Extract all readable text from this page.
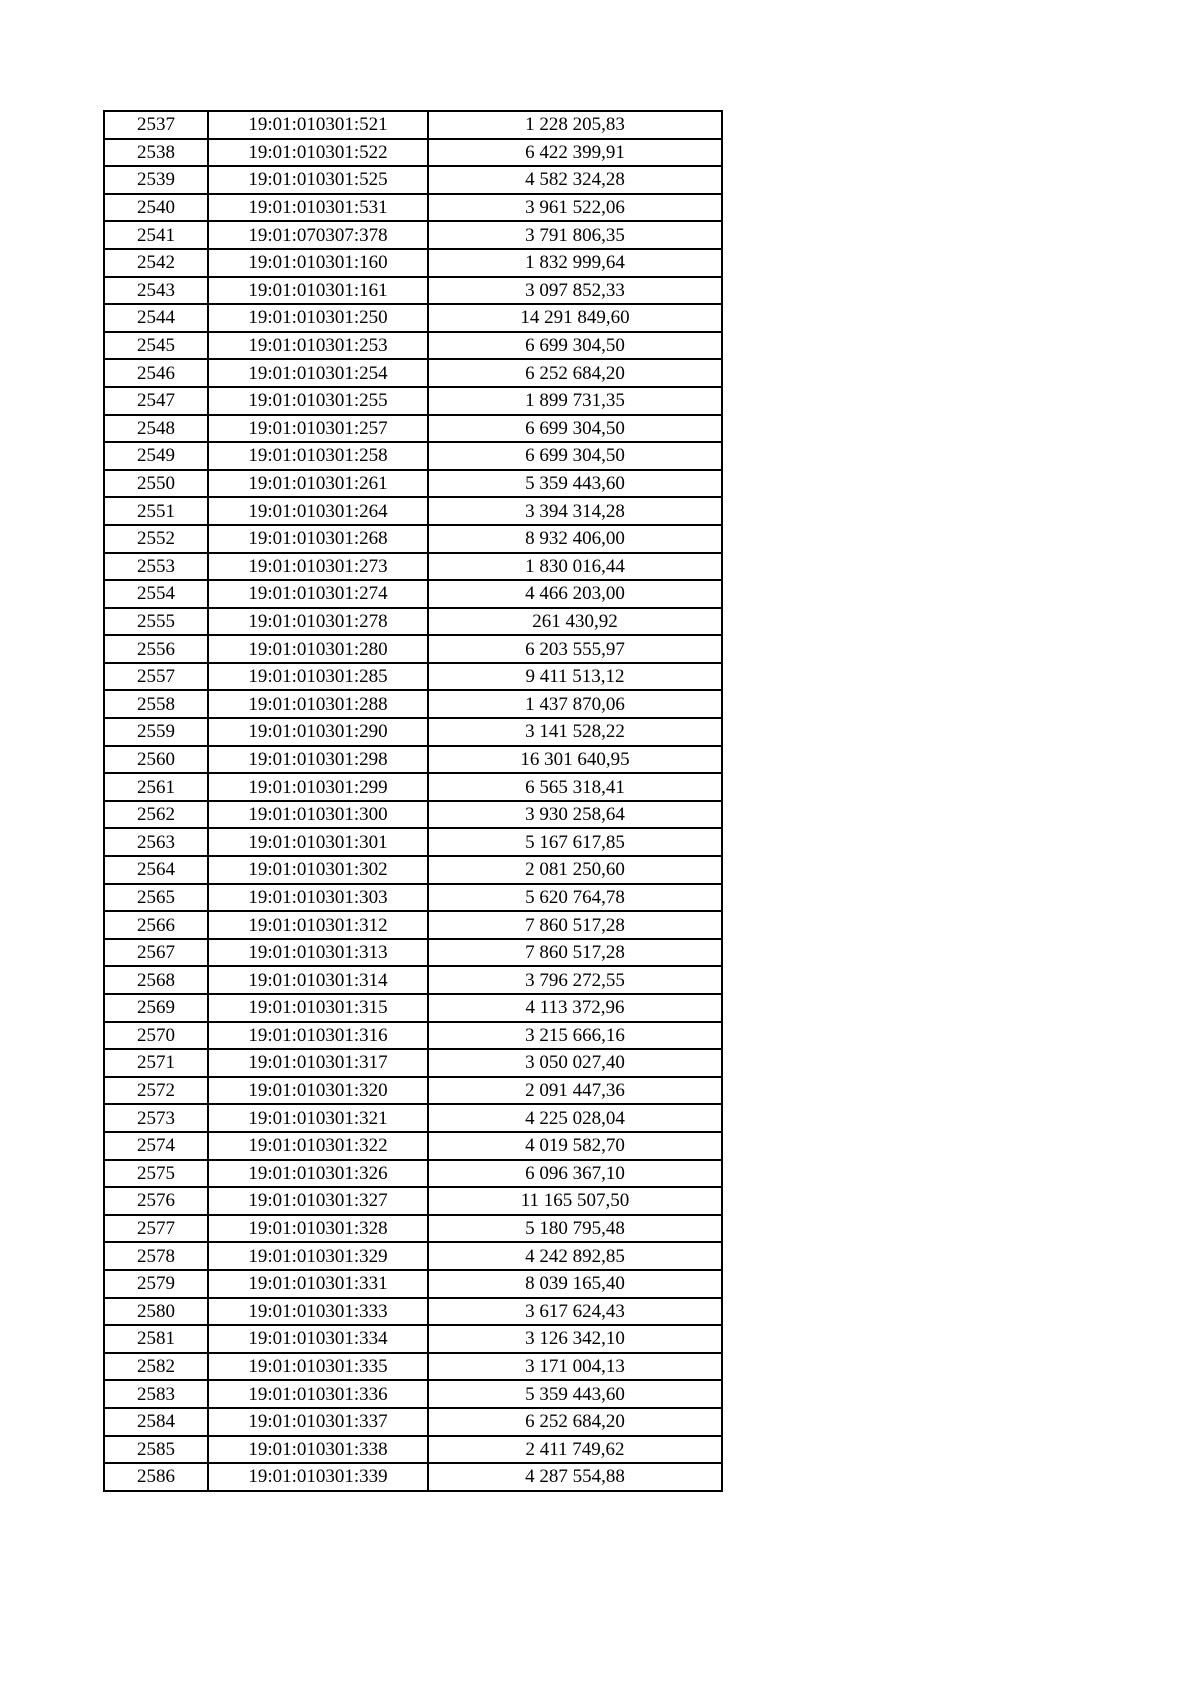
2537	19:01:010301:521	1 228 205,83
2538	19:01:010301:522	6 422 399,91
2539	19:01:010301:525	4 582 324,28
2540	19:01:010301:531	3 961 522,06
2541	19:01:070307:378	3 791 806,35
2542	19:01:010301:160	1 832 999,64
2543	19:01:010301:161	3 097 852,33
2544	19:01:010301:250	14 291 849,60
2545	19:01:010301:253	6 699 304,50
2546	19:01:010301:254	6 252 684,20
2547	19:01:010301:255	1 899 731,35
2548	19:01:010301:257	6 699 304,50
2549	19:01:010301:258	6 699 304,50
2550	19:01:010301:261	5 359 443,60
2551	19:01:010301:264	3 394 314,28
2552	19:01:010301:268	8 932 406,00
2553	19:01:010301:273	1 830 016,44
2554	19:01:010301:274	4 466 203,00
2555	19:01:010301:278	261 430,92
2556	19:01:010301:280	6 203 555,97
2557	19:01:010301:285	9 411 513,12
2558	19:01:010301:288	1 437 870,06
2559	19:01:010301:290	3 141 528,22
2560	19:01:010301:298	16 301 640,95
2561	19:01:010301:299	6 565 318,41
2562	19:01:010301:300	3 930 258,64
2563	19:01:010301:301	5 167 617,85
2564	19:01:010301:302	2 081 250,60
2565	19:01:010301:303	5 620 764,78
2566	19:01:010301:312	7 860 517,28
2567	19:01:010301:313	7 860 517,28
2568	19:01:010301:314	3 796 272,55
2569	19:01:010301:315	4 113 372,96
2570	19:01:010301:316	3 215 666,16
2571	19:01:010301:317	3 050 027,40
2572	19:01:010301:320	2 091 447,36
2573	19:01:010301:321	4 225 028,04
2574	19:01:010301:322	4 019 582,70
2575	19:01:010301:326	6 096 367,10
2576	19:01:010301:327	11 165 507,50
2577	19:01:010301:328	5 180 795,48
2578	19:01:010301:329	4 242 892,85
2579	19:01:010301:331	8 039 165,40
2580	19:01:010301:333	3 617 624,43
2581	19:01:010301:334	3 126 342,10
2582	19:01:010301:335	3 171 004,13
2583	19:01:010301:336	5 359 443,60
2584	19:01:010301:337	6 252 684,20
2585	19:01:010301:338	2 411 749,62
2586	19:01:010301:339	4 287 554,88
